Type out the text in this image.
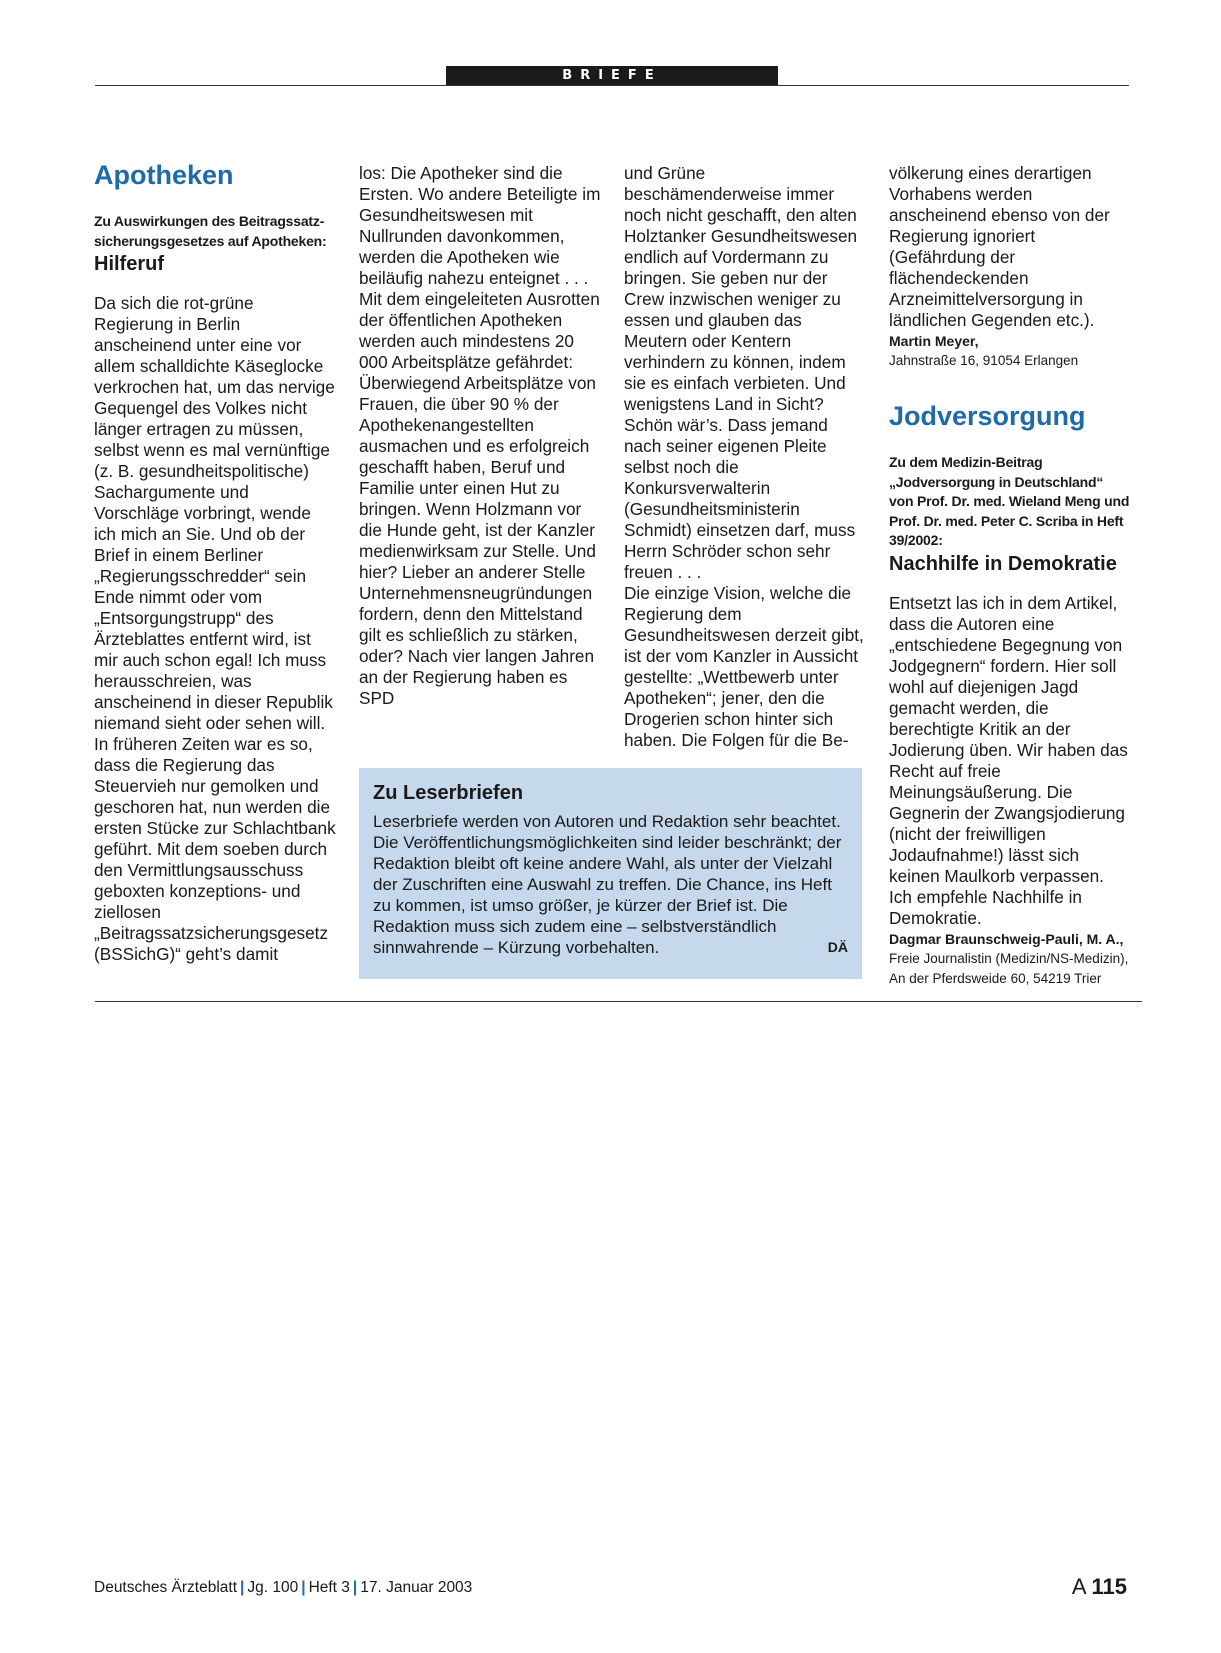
BRIEFE
Apotheken

Zu Auswirkungen des Beitragssatzsicherungsgesetzes auf Apotheken:

Hilferuf

Da sich die rot-grüne Regierung in Berlin anscheinend unter eine vor allem schalldichte Käseglocke verkrochen hat, um das nervige Gequengel des Volkes nicht länger ertragen zu müssen, selbst wenn es mal vernünftige (z. B. gesundheitspolitische) Sachargumente und Vorschläge vorbringt, wende ich mich an Sie. Und ob der Brief in einem Berliner „Regierungsschredder“ sein Ende nimmt oder vom „Entsorgungstrupp“ des Ärzteblattes entfernt wird, ist mir auch schon egal! Ich muss herausschreien, was anscheinend in dieser Republik niemand sieht oder sehen will.

In früheren Zeiten war es so, dass die Regierung das Steuervieh nur gemolken und geschoren hat, nun werden die ersten Stücke zur Schlachtbank geführt. Mit dem soeben durch den Vermittlungsausschuss geboxten konzeptions- und ziellosen „Beitragssatzsicherungsgesetz (BSSichG)“ geht’s damit

los: Die Apotheker sind die Ersten. Wo andere Beteiligte im Gesundheitswesen mit Nullrunden davonkommen, werden die Apotheken wie beiläufig nahezu enteignet . . . Mit dem eingeleiteten Ausrotten der öffentlichen Apotheken werden auch mindestens 20 000 Arbeitsplätze gefährdet: Überwiegend Arbeitsplätze von Frauen, die über 90 % der Apothekenangestellten ausmachen und es erfolgreich geschafft haben, Beruf und Familie unter einen Hut zu bringen. Wenn Holzmann vor die Hunde geht, ist der Kanzler medienwirksam zur Stelle. Und hier? Lieber an anderer Stelle Unternehmensneugründungen fordern, denn den Mittelstand gilt es schließlich zu stärken, oder? Nach vier langen Jahren an der Regierung haben es SPD

und Grüne beschämenderweise immer noch nicht geschafft, den alten Holztanker Gesundheitswesen endlich auf Vordermann zu bringen. Sie geben nur der Crew inzwischen weniger zu essen und glauben das Meutern oder Kentern verhindern zu können, indem sie es einfach verbieten. Und wenigstens Land in Sicht? Schön wär’s. Dass jemand nach seiner eigenen Pleite selbst noch die Konkursverwalterin (Gesundheitsministerin Schmidt) einsetzen darf, muss Herrn Schröder schon sehr freuen . . .

Die einzige Vision, welche die Regierung dem Gesundheitswesen derzeit gibt, ist der vom Kanzler in Aussicht gestellte: „Wettbewerb unter Apotheken“; jener, den die Drogerien schon hinter sich haben. Die Folgen für die Be-

völkerung eines derartigen Vorhabens werden anscheinend ebenso von der Regierung ignoriert (Gefährdung der flächendeckenden Arzneimittelversorgung in ländlichen Gegenden etc.).

Martin Meyer,
Jahnstraße 16, 91054 Erlangen
Jodversorgung

Zu dem Medizin-Beitrag „Jodversorgung in Deutschland“ von Prof. Dr. med. Wieland Meng und Prof. Dr. med. Peter C. Scriba in Heft 39/2002:

Nachhilfe in Demokratie

Entsetzt las ich in dem Artikel, dass die Autoren eine „entschiedene Begegnung von Jodgegnern“ fordern. Hier soll wohl auf diejenigen Jagd gemacht werden, die berechtigte Kritik an der Jodierung üben. Wir haben das Recht auf freie Meinungsäußerung. Die Gegnerin der Zwangsjodierung (nicht der freiwilligen Jodaufnahme!) lässt sich keinen Maulkorb verpassen. Ich empfehle Nachhilfe in Demokratie.

Dagmar Braunschweig-Pauli, M. A.,
Freie Journalistin (Medizin/NS-Medizin),
An der Pferdsweide 60, 54219 Trier
Zu Leserbriefen

Leserbriefe werden von Autoren und Redaktion sehr beachtet. Die Veröffentlichungsmöglichkeiten sind leider beschränkt; der Redaktion bleibt oft keine andere Wahl, als unter der Vielzahl der Zuschriften eine Auswahl zu treffen. Die Chance, ins Heft zu kommen, ist umso größer, je kürzer der Brief ist. Die Redaktion muss sich zudem eine – selbstverständlich sinnwahrende – Kürzung vorbehalten.	DÄ

Deutsches Ärzteblatt | Jg. 100 | Heft 3 | 17. Januar 2003	A 115
